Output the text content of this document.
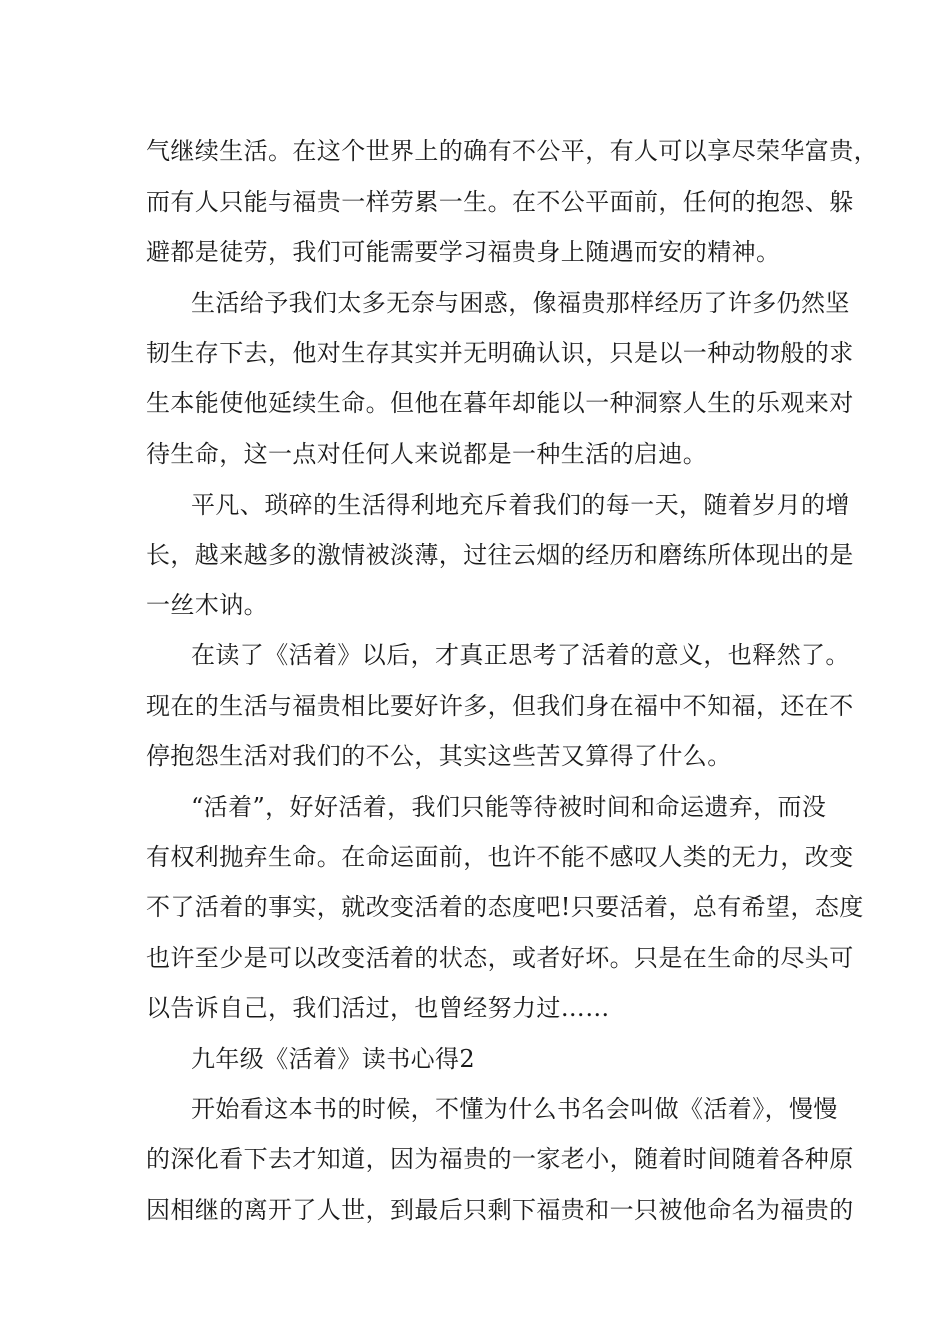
气继续生活。在这个世界上的确有不公平，有人可以享尽荣华富贵，

而有人只能与福贵一样劳累一生。在不公平面前，任何的抱怨、躲

避都是徒劳，我们可能需要学习福贵身上随遇而安的精神。

生活给予我们太多无奈与困惑，像福贵那样经历了许多仍然坚

韧生存下去，他对生存其实并无明确认识，只是以一种动物般的求

生本能使他延续生命。但他在暮年却能以一种洞察人生的乐观来对

待生命，这一点对任何人来说都是一种生活的启迪。

平凡、琐碎的生活得利地充斥着我们的每一天，随着岁月的增

长，越来越多的激情被淡薄，过往云烟的经历和磨练所体现出的是

一丝木讷。

在读了《活着》以后，才真正思考了活着的意义，也释然了。

现在的生活与福贵相比要好许多，但我们身在福中不知福，还在不

停抱怨生活对我们的不公，其实这些苦又算得了什么。

“活着”，好好活着，我们只能等待被时间和命运遗弃，而没

有权利抛弃生命。在命运面前，也许不能不感叹人类的无力，改变

不了活着的事实，就改变活着的态度吧!只要活着，总有希望，态度

也许至少是可以改变活着的状态，或者好坏。只是在生命的尽头可

以告诉自己，我们活过，也曾经努力过……

九年级《活着》读书心得2

开始看这本书的时候，不懂为什么书名会叫做《活着》，慢慢

的深化看下去才知道，因为福贵的一家老小，随着时间随着各种原

因相继的离开了人世，到最后只剩下福贵和一只被他命名为福贵的
